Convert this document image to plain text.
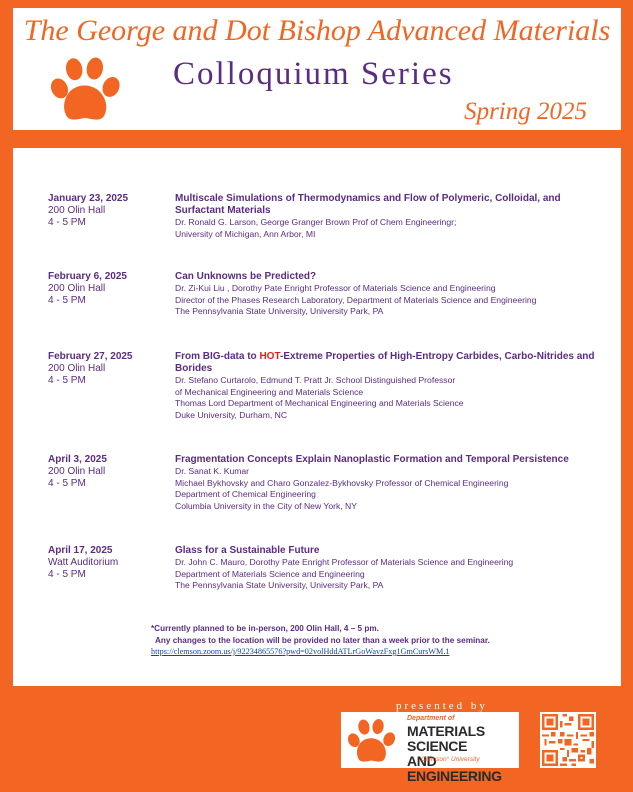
The George and Dot Bishop Advanced Materials
Colloquium Series
Spring 2025
January 23, 2025
200 Olin Hall
4 - 5 PM
Multiscale Simulations of Thermodynamics and Flow of Polymeric, Colloidal, and Surfactant Materials
Dr. Ronald G. Larson, George Granger Brown Prof of Chem Engineeringr;
University of Michigan, Ann Arbor, MI
February 6, 2025
200 Olin Hall
4 - 5 PM
Can Unknowns be Predicted?
Dr. Zi-Kui Liu , Dorothy Pate Enright Professor of Materials Science and Engineering
Director of the Phases Research Laboratory, Department of Materials Science and Engineering
The Pennsylvania State University, University Park, PA
February 27, 2025
200 Olin Hall
4 - 5 PM
From BIG-data to HOT-Extreme Properties of High-Entropy Carbides, Carbo-Nitrides and Borides
Dr. Stefano Curtarolo, Edmund T. Pratt Jr. School Distinguished Professor
of Mechanical Engineering and Materials Science
Thomas Lord Department of Mechanical Engineering and Materials Science
Duke University, Durham, NC
April 3, 2025
200 Olin Hall
4 - 5 PM
Fragmentation Concepts Explain Nanoplastic Formation and Temporal Persistence
Dr. Sanat K. Kumar
Michael Bykhovsky and Charo Gonzalez-Bykhovsky Professor of Chemical Engineering
Department of Chemical Engineering
Columbia University in the City of New York, NY
April 17, 2025
Watt Auditorium
4 - 5 PM
Glass for a Sustainable Future
Dr. John C. Mauro, Dorothy Pate Enright Professor of Materials Science and Engineering
Department of Materials Science and Engineering
The Pennsylvania State University, University Park, PA
*Currently planned to be in-person, 200 Olin Hall, 4 – 5 pm.
Any changes to the location will be provided no later than a week prior to the seminar.
https://clemson.zoom.us/j/92234865576?pwd=02volHddATLrGoWavzFxg1GmCursWM.1
presented by
Department of
MATERIALS SCIENCE
AND ENGINEERING
Clemson° University
